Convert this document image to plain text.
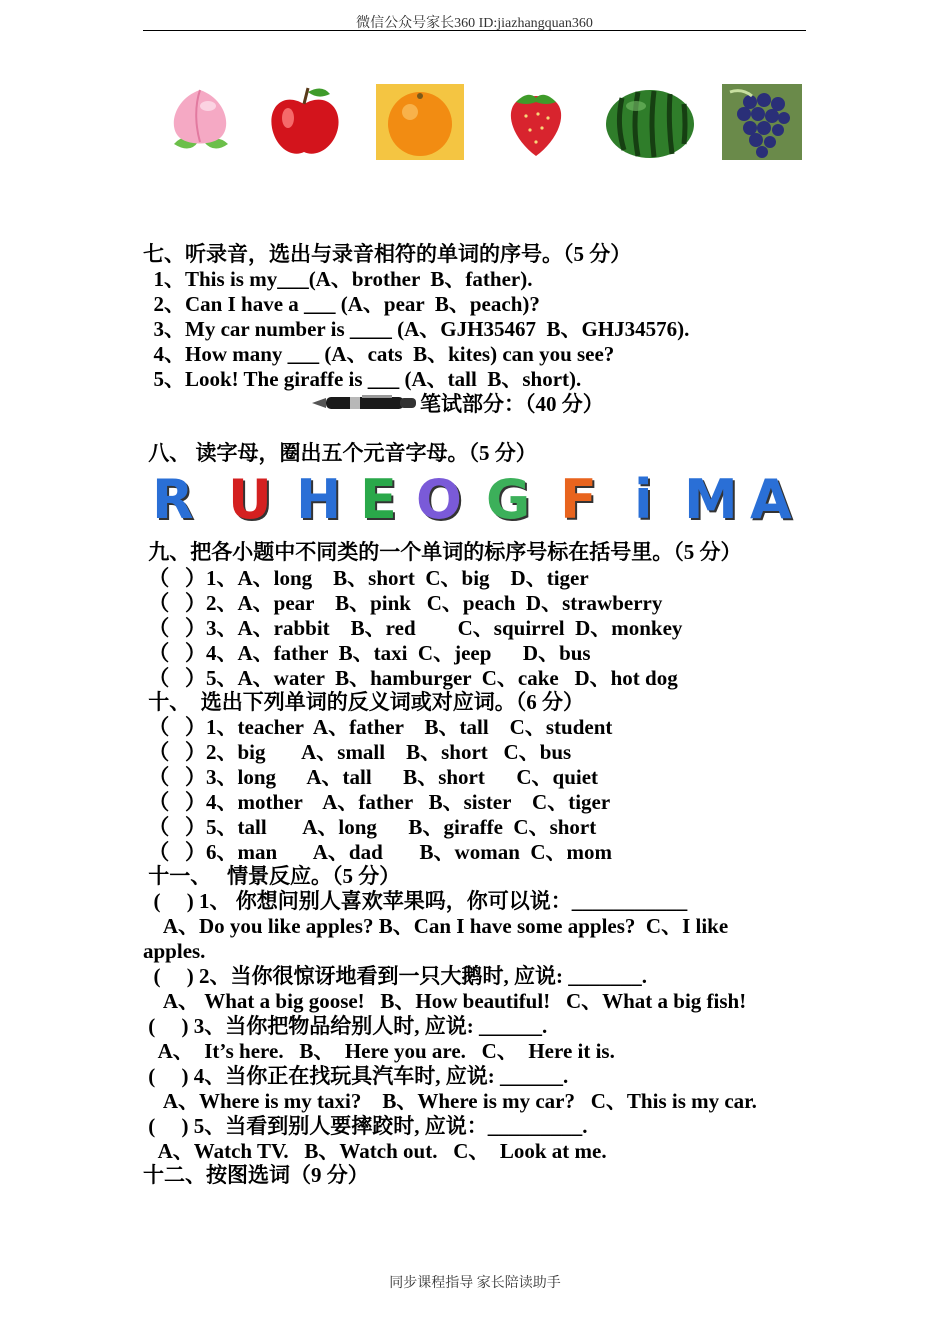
微信公众号家长360 ID:jiazhangquan360
七、听录音，选出与录音相符的单词的序号。（5 分）
1、This is my___(A、brother  B、father).
2、Can I have a ___ (A、pear  B、peach)?
3、My car number is ____ (A、GJH35467  B、GHJ34576).
4、How many ___ (A、cats  B、kites) can you see?
5、Look! The giraffe is ___ (A、tall  B、short).
笔试部分：（40 分）
八、 读字母，圈出五个元音字母。（5 分）
R U H E O G F i M A
九、把各小题中不同类的一个单词的标序号标在括号里。（5 分）
（   ）1、A、long    B、short  C、big    D、tiger
（   ）2、A、pear    B、pink   C、peach  D、strawberry
（   ）3、A、rabbit    B、red        C、squirrel  D、monkey
（   ）4、A、father  B、taxi  C、jeep      D、bus
（   ）5、A、water  B、hamburger  C、cake   D、hot dog
十、  选出下列单词的反义词或对应词。（6 分）
（   ）1、teacher  A、father    B、tall    C、student
（   ）2、big       A、small    B、short   C、bus
（   ）3、long      A、tall      B、short      C、quiet
（   ）4、mother    A、father   B、sister    C、tiger
（   ）5、tall       A、long      B、giraffe  C、short
（   ）6、man       A、dad       B、woman  C、mom
十一、   情景反应。（5 分）
(     ) 1、 你想问别人喜欢苹果吗，你可以说：___________
A、Do you like apples? B、Can I have some apples?  C、I like
apples.
(     ) 2、当你很惊讶地看到一只大鹅时, 应说: _______.
A、 What a big goose!   B、How beautiful!   C、What a big fish!
(     ) 3、当你把物品给别人时, 应说: ______.
A、  It’s here.   B、  Here you are.   C、  Here it is.
(     ) 4、当你正在找玩具汽车时, 应说: ______.
A、Where is my taxi?    B、Where is my car?   C、This is my car.
(     ) 5、当看到别人要摔跤时, 应说：_________.
A、Watch TV.   B、Watch out.   C、  Look at me.
十二、按图选词（9 分）
同步课程指导 家长陪读助手
